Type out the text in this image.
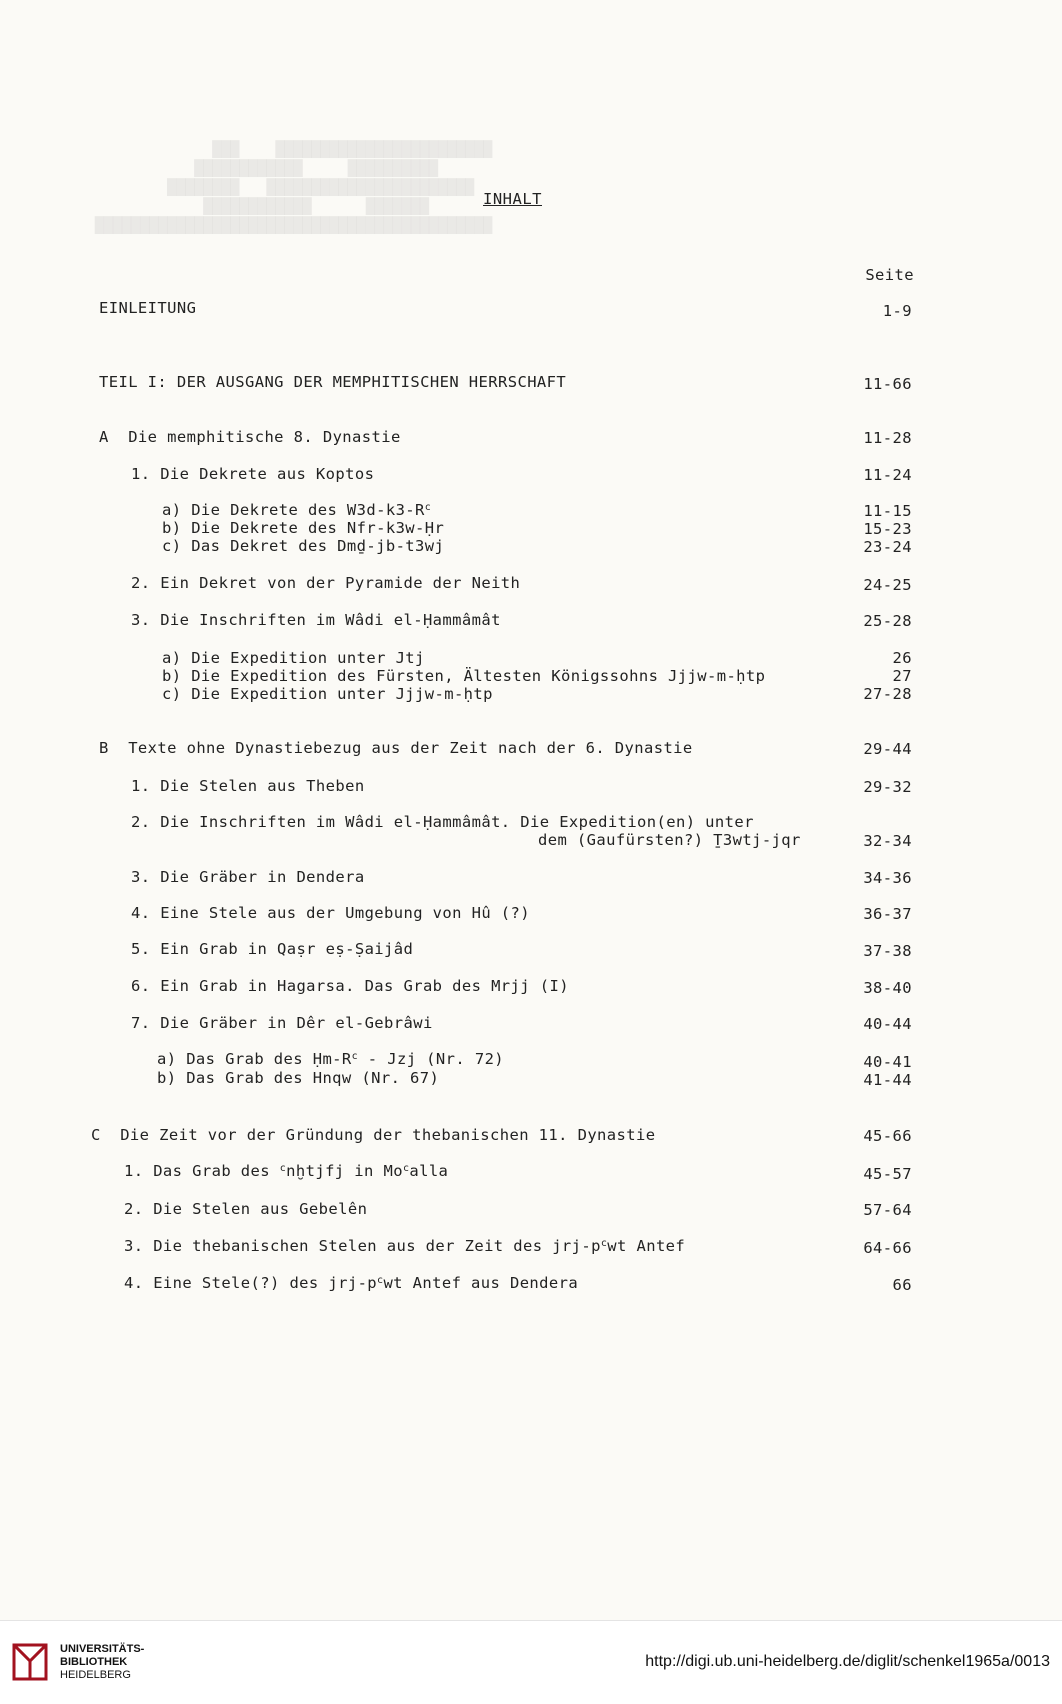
████████████████████████████████████████████
███████      ████████████
███████████████████████   ████████
██████████     ████████████
████████████████████████    ███

INHALT
Seite
EINLEITUNG	1-9
TEIL I: DER AUSGANG DER MEMPHITISCHEN HERRSCHAFT	11-66
A  Die memphitische 8. Dynastie	11-28
1. Die Dekrete aus Koptos	11-24
a) Die Dekrete des $W3d-k3-R^c$	11-15
b) Die Dekrete des Nfr-k3w-Ḥr	15-23
c) Das Dekret des Dmḏ-jb-t3wj	23-24
2. Ein Dekret von der Pyramide der Neith	24-25
3. Die Inschriften im Wâdi el-Ḥammâmât	25-28
a) Die Expedition unter Jtj	26
b) Die Expedition des Fürsten, Ältesten Königssohns Jjjw-m-ḥtp	27
c) Die Expedition unter Jjjw-m-ḥtp	27-28
B  Texte ohne Dynastiebezug aus der Zeit nach der 6. Dynastie	29-44
1. Die Stelen aus Theben	29-32
2. Die Inschriften im Wâdi el-Ḥammâmât. Die Expedition(en) unter
dem (Gaufürsten?) Ṯ3wtj-jqr	32-34
3. Die Gräber in Dendera	34-36
4. Eine Stele aus der Umgebung von Hû (?)	36-37
5. Ein Grab in Qaṣr eṣ-Ṣaijâd	37-38
6. Ein Grab in Hagarsa. Das Grab des Mrjj (I)	38-40
7. Die Gräber in Dêr el-Gebrâwi	40-44
a) Das Grab des $Ḥm-R^c$ - Jzj (Nr. 72)	40-41
b) Das Grab des Hnqw (Nr. 67)	41-44
C  Die Zeit vor der Gründung der thebanischen 11. Dynastie	45-66
1. Das Grab des $^c$nḫtjfj in Mo$^c$alla	45-57
2. Die Stelen aus Gebelên	57-64
3. Die thebanischen Stelen aus der Zeit des jrj-$p^cwt$ Antef	64-66
4. Eine Stele(?) des jrj-$p^cwt$ Antef aus Dendera	66
UNIVERSITÄTS-
BIBLIOTHEK
HEIDELBERG
http://digi.ub.uni-heidelberg.de/diglit/schenkel1965a/0013
